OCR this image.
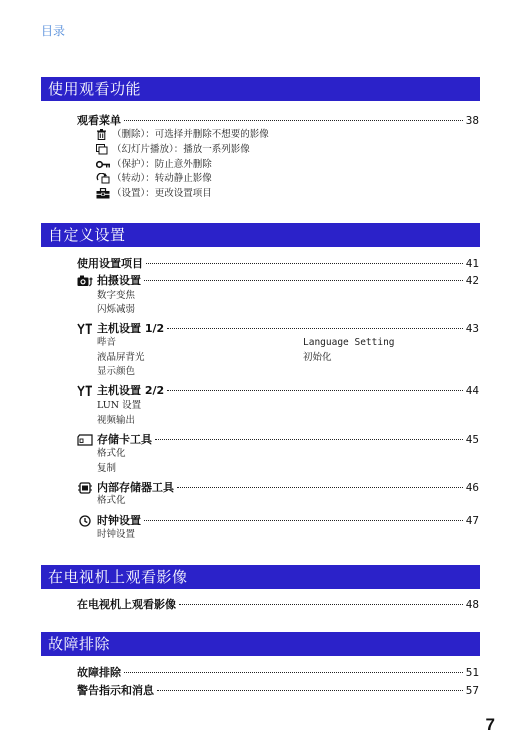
目录
使用观看功能
观看菜单	38
（删除）：可选择并删除不想要的影像
（幻灯片播放）：播放一系列影像
（保护）：防止意外删除
（转动）：转动静止影像
（设置）：更改设置项目
自定义设置
使用设置项目	41
拍摄设置	42
数字变焦
闪烁减弱
主机设置 1/2	43
哔音
液晶屏背光
显示颜色
Language Setting
初始化
主机设置 2/2	44
LUN 设置
视频输出
存储卡工具	45
格式化
复制
内部存储器工具	46
格式化
时钟设置	47
时钟设置
在电视机上观看影像
在电视机上观看影像	48
故障排除
故障排除	51
警告指示和消息	57
7
